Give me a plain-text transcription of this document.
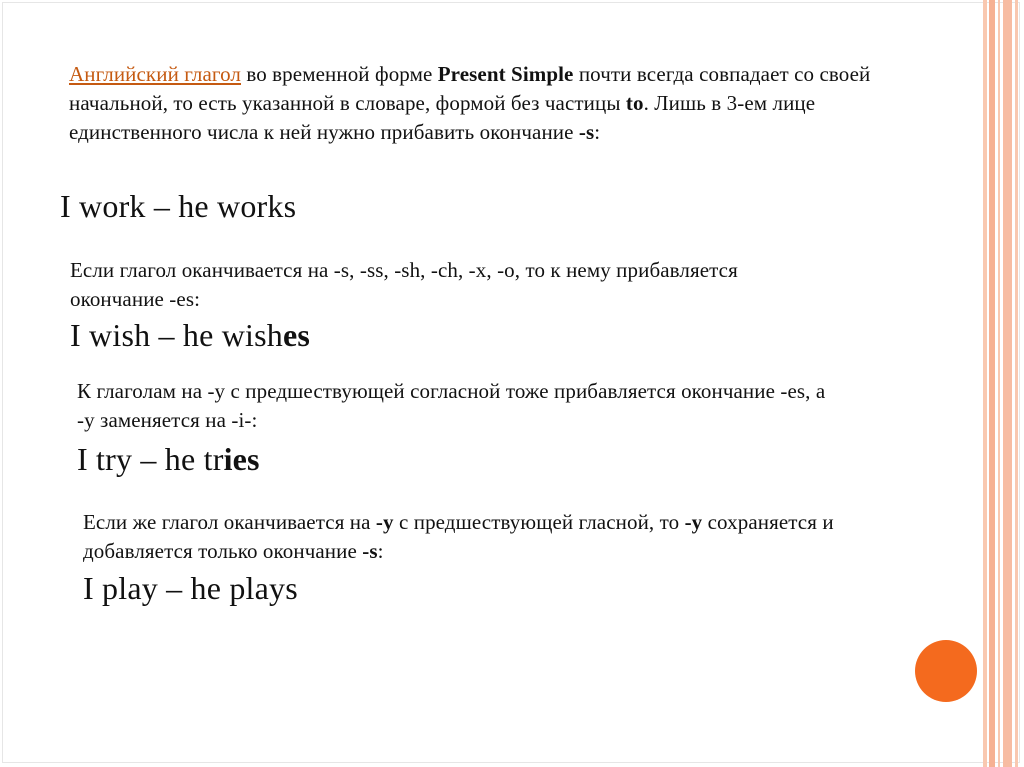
Английский глагол во временной форме Present Simple почти всегда совпадает со своей начальной, то есть указанной в словаре, формой без частицы to. Лишь в 3-ем лице единственного числа к ней нужно прибавить окончание -s:

I work – he works

Если глагол оканчивается на -s, -ss, -sh, -ch, -x, -o, то к нему прибавляется окончание -es:

I wish – he wishes

К глаголам на -y с предшествующей согласной тоже прибавляется окончание -es, а -y заменяется на -i-:

I try – he tries

Если же глагол оканчивается на -y с предшествующей гласной, то -y сохраняется и добавляется только окончание -s:

I play – he plays
